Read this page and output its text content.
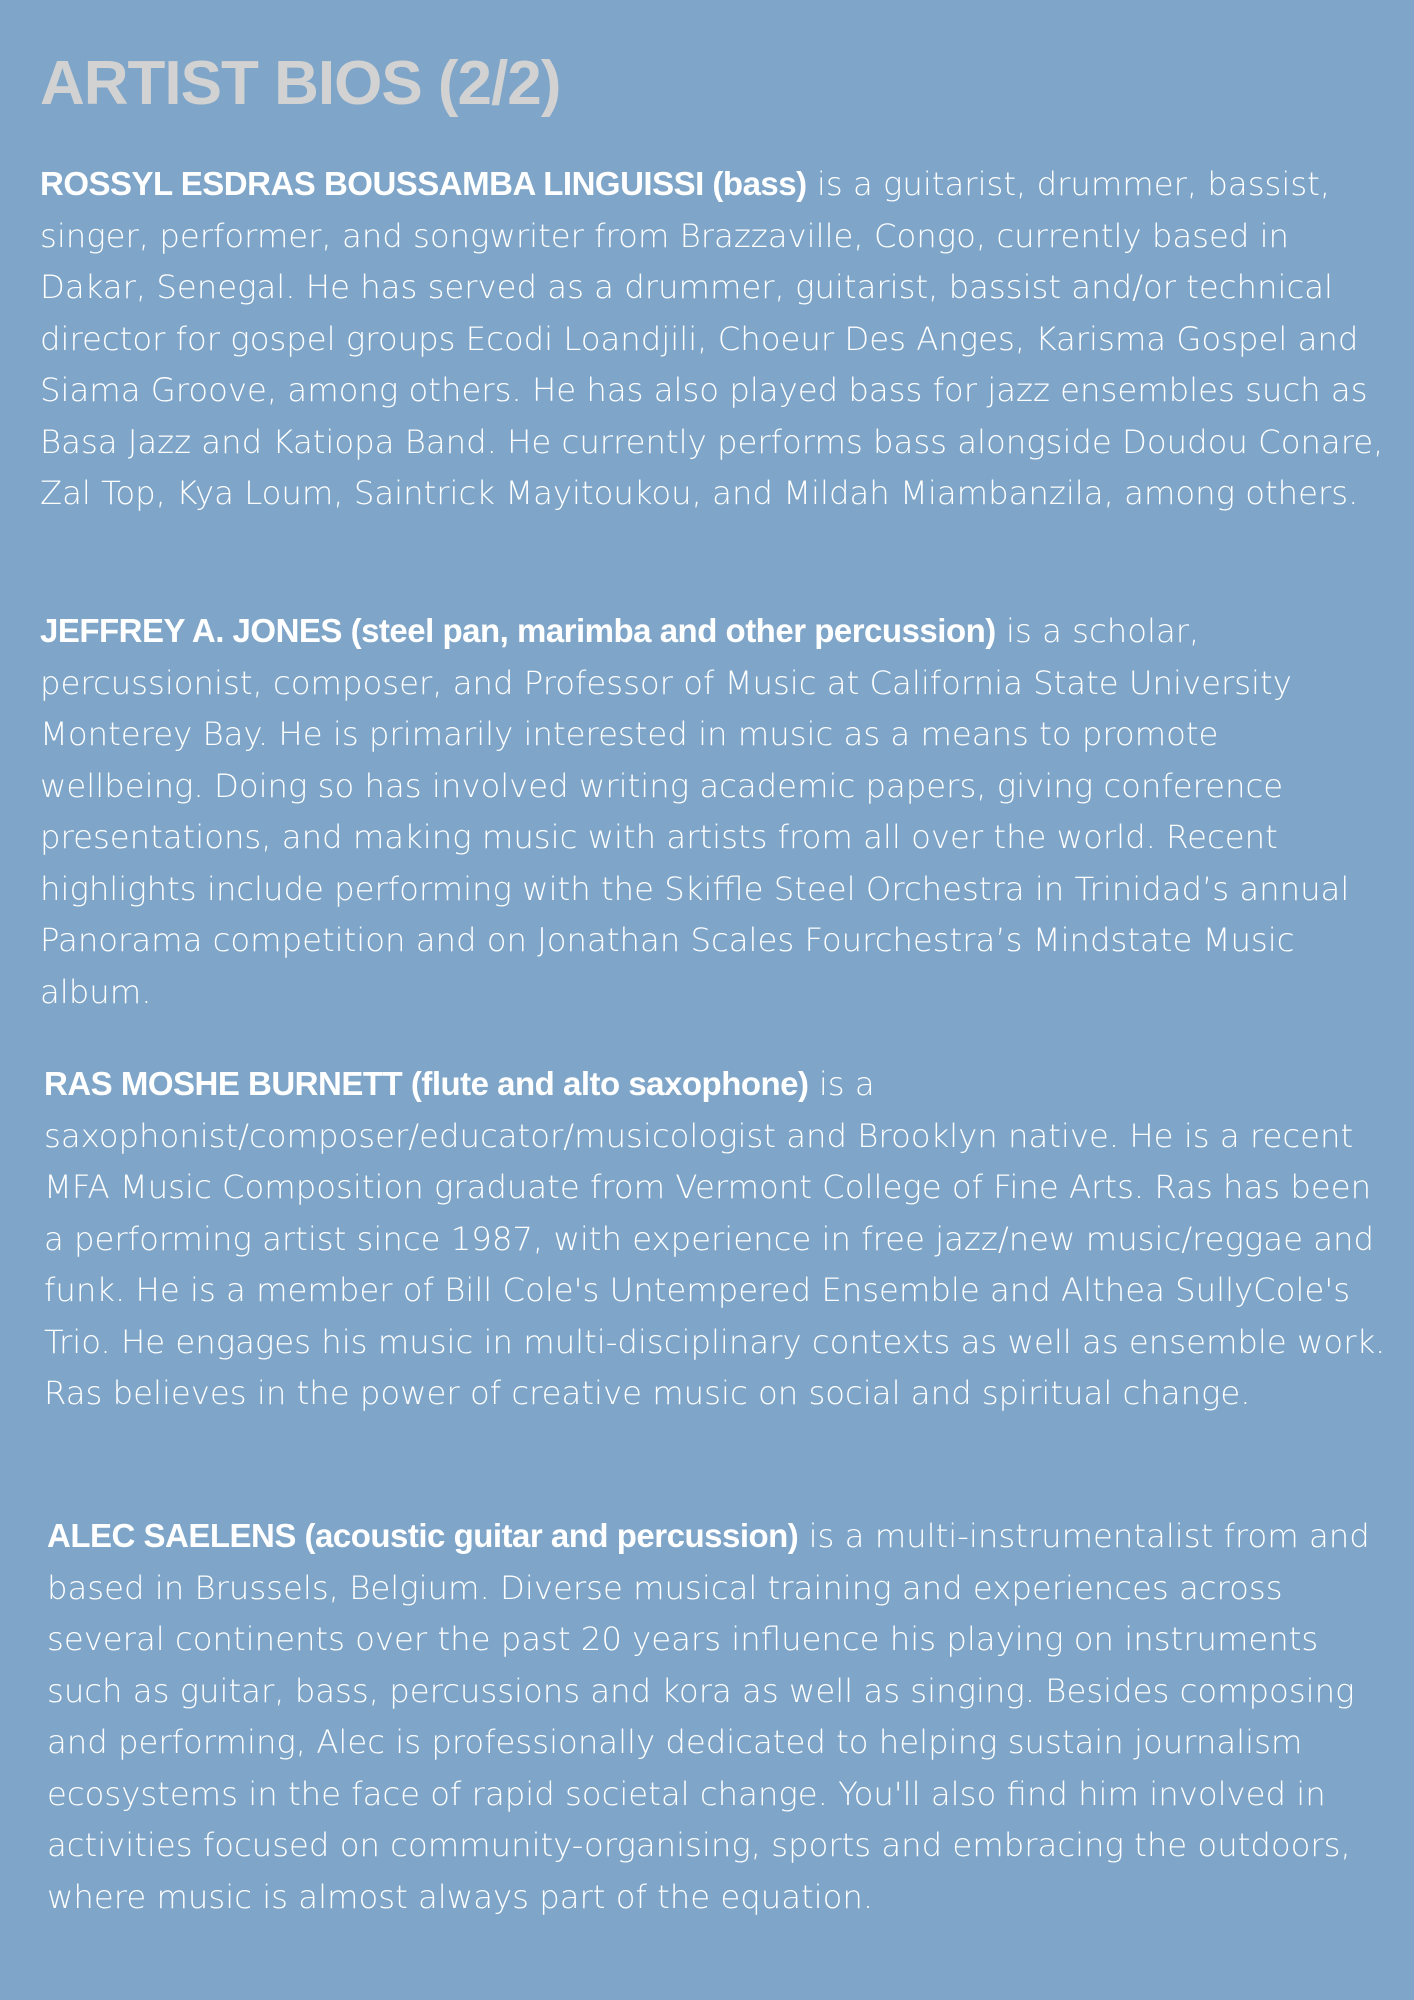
ARTIST BIOS (2/2)

ROSSYL ESDRAS BOUSSAMBA LINGUISSI (bass) is a guitarist, drummer, bassist, singer, performer, and songwriter from Brazzaville, Congo, currently based in Dakar, Senegal. He has served as a drummer, guitarist, bassist and/or technical director for gospel groups Ecodi Loandjili, Choeur Des Anges, Karisma Gospel and Siama Groove, among others. He has also played bass for jazz ensembles such as Basa Jazz and Katiopa Band. He currently performs bass alongside Doudou Conare, Zal Top, Kya Loum, Saintrick Mayitoukou, and Mildah Miambanzila, among others.

JEFFREY A. JONES (steel pan, marimba and other percussion) is a scholar, percussionist, composer, and Professor of Music at California State University Monterey Bay. He is primarily interested in music as a means to promote wellbeing. Doing so has involved writing academic papers, giving conference presentations, and making music with artists from all over the world. Recent highlights include performing with the Skiffle Steel Orchestra in Trinidad’s annual Panorama competition and on Jonathan Scales Fourchestra’s Mindstate Music album.

RAS MOSHE BURNETT (flute and alto saxophone) is a saxophonist/composer/educator/musicologist and Brooklyn native. He is a recent MFA Music Composition graduate from Vermont College of Fine Arts. Ras has been a performing artist since 1987, with experience in free jazz/new music/reggae and funk. He is a member of Bill Cole's Untempered Ensemble and Althea SullyCole's Trio. He engages his music in multi-disciplinary contexts as well as ensemble work. Ras believes in the power of creative music on social and spiritual change.

ALEC SAELENS (acoustic guitar and percussion) is a multi-instrumentalist from and based in Brussels, Belgium. Diverse musical training and experiences across several continents over the past 20 years influence his playing on instruments such as guitar, bass, percussions and kora as well as singing. Besides composing and performing, Alec is professionally dedicated to helping sustain journalism ecosystems in the face of rapid societal change. You'll also find him involved in activities focused on community-organising, sports and embracing the outdoors, where music is almost always part of the equation.
